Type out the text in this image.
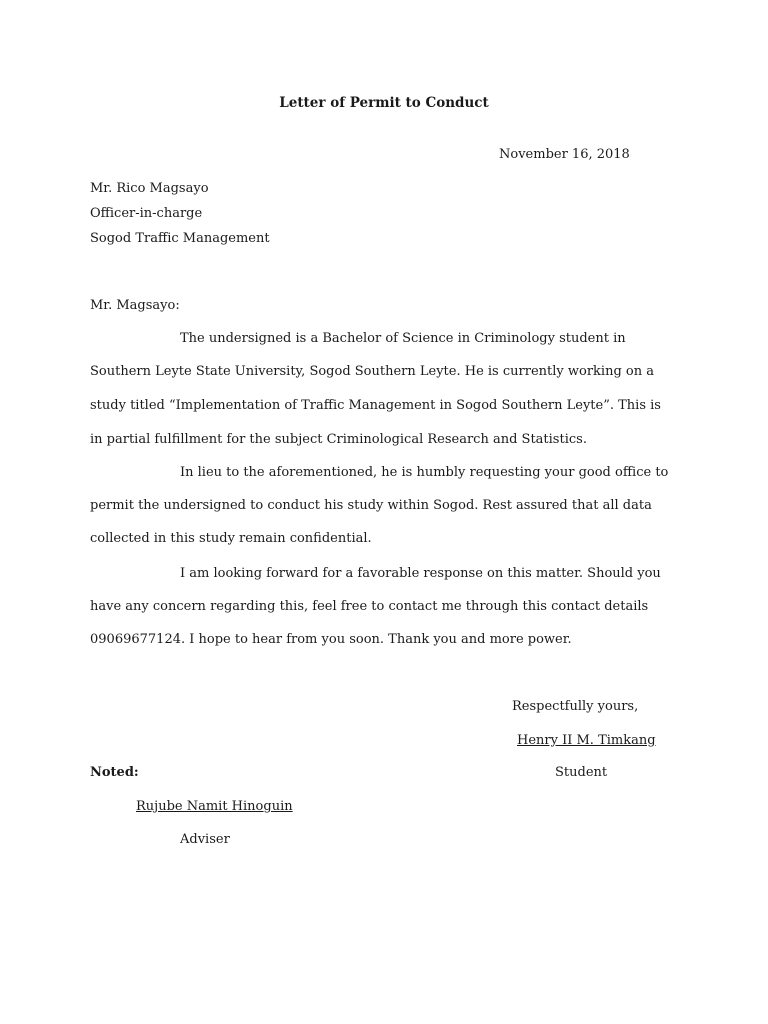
Letter of Permit to Conduct
November 16, 2018
Mr. Rico Magsayo
Officer-in-charge
Sogod Traffic Management
Mr. Magsayo:
The undersigned is a Bachelor of Science in Criminology student in
Southern Leyte State University, Sogod Southern Leyte. He is currently working on a
study titled “Implementation of Traffic Management in Sogod Southern Leyte”. This is
in partial fulfillment for the subject Criminological Research and Statistics.
In lieu to the aforementioned, he is humbly requesting your good office to
permit the undersigned to conduct his study within Sogod. Rest assured that all data
collected in this study remain confidential.
I am looking forward for a favorable response on this matter. Should you
have any concern regarding this, feel free to contact me through this contact details
09069677124. I hope to hear from you soon. Thank you and more power.
Respectfully yours,
Henry II M. Timkang
Student
Noted:
Rujube Namit Hinoguin
Adviser
